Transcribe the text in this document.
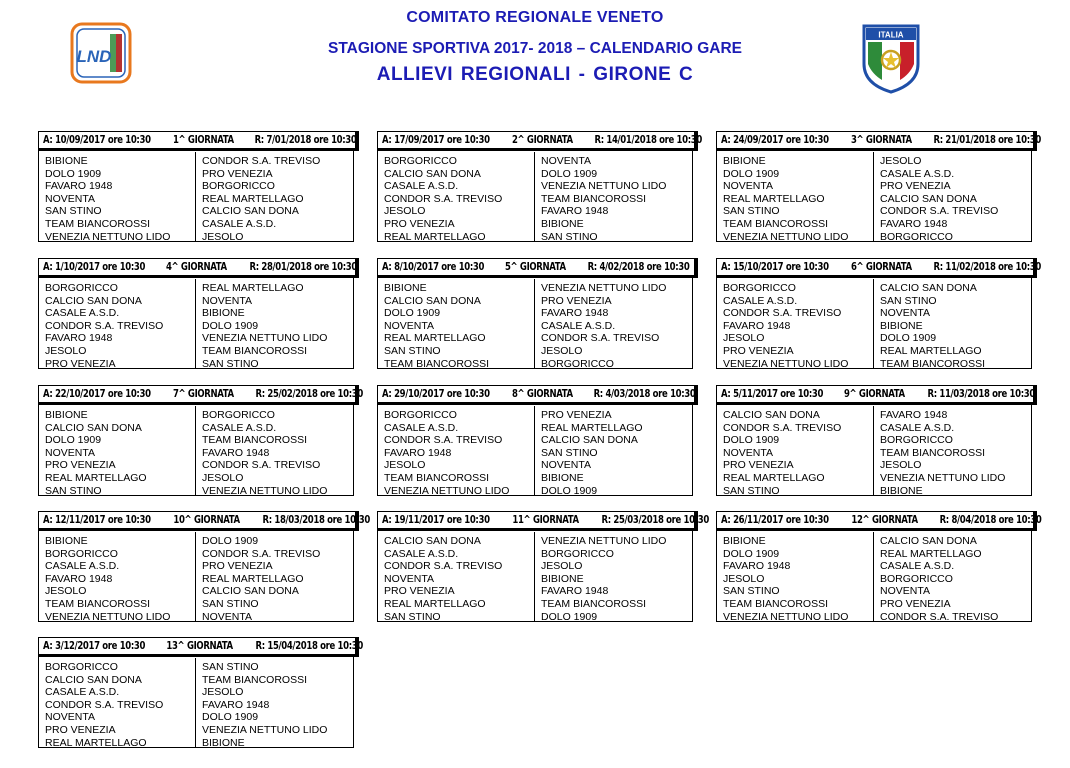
LND

COMITATO REGIONALE VENETO

STAGIONE SPORTIVA 2017- 2018 – CALENDARIO GARE

ALLIEVI REGIONALI - GIRONE C

ITALIA
A: 10/09/2017 ore 10:30 1^ GIORNATA R: 7/01/2018 ore 10:30
BIBIONE
DOLO 1909
FAVARO 1948
NOVENTA
SAN STINO
TEAM BIANCOROSSI
VENEZIA NETTUNO LIDO
CONDOR S.A. TREVISO
PRO VENEZIA
BORGORICCO
REAL MARTELLAGO
CALCIO SAN DONA
CASALE A.S.D.
JESOLO
A: 17/09/2017 ore 10:30 2^ GIORNATA R: 14/01/2018 ore 10:30
BORGORICCO
CALCIO SAN DONA
CASALE A.S.D.
CONDOR S.A. TREVISO
JESOLO
PRO VENEZIA
REAL MARTELLAGO
NOVENTA
DOLO 1909
VENEZIA NETTUNO LIDO
TEAM BIANCOROSSI
FAVARO 1948
BIBIONE
SAN STINO
A: 24/09/2017 ore 10:30 3^ GIORNATA R: 21/01/2018 ore 10:30
BIBIONE
DOLO 1909
NOVENTA
REAL MARTELLAGO
SAN STINO
TEAM BIANCOROSSI
VENEZIA NETTUNO LIDO
JESOLO
CASALE A.S.D.
PRO VENEZIA
CALCIO SAN DONA
CONDOR S.A. TREVISO
FAVARO 1948
BORGORICCO
A: 1/10/2017 ore 10:30 4^ GIORNATA R: 28/01/2018 ore 10:30
BORGORICCO
CALCIO SAN DONA
CASALE A.S.D.
CONDOR S.A. TREVISO
FAVARO 1948
JESOLO
PRO VENEZIA
REAL MARTELLAGO
NOVENTA
BIBIONE
DOLO 1909
VENEZIA NETTUNO LIDO
TEAM BIANCOROSSI
SAN STINO
A: 8/10/2017 ore 10:30 5^ GIORNATA R: 4/02/2018 ore 10:30
BIBIONE
CALCIO SAN DONA
DOLO 1909
NOVENTA
REAL MARTELLAGO
SAN STINO
TEAM BIANCOROSSI
VENEZIA NETTUNO LIDO
PRO VENEZIA
FAVARO 1948
CASALE A.S.D.
CONDOR S.A. TREVISO
JESOLO
BORGORICCO
A: 15/10/2017 ore 10:30 6^ GIORNATA R: 11/02/2018 ore 10:30
BORGORICCO
CASALE A.S.D.
CONDOR S.A. TREVISO
FAVARO 1948
JESOLO
PRO VENEZIA
VENEZIA NETTUNO LIDO
CALCIO SAN DONA
SAN STINO
NOVENTA
BIBIONE
DOLO 1909
REAL MARTELLAGO
TEAM BIANCOROSSI
A: 22/10/2017 ore 10:30 7^ GIORNATA R: 25/02/2018 ore 10:30
BIBIONE
CALCIO SAN DONA
DOLO 1909
NOVENTA
PRO VENEZIA
REAL MARTELLAGO
SAN STINO
BORGORICCO
CASALE A.S.D.
TEAM BIANCOROSSI
FAVARO 1948
CONDOR S.A. TREVISO
JESOLO
VENEZIA NETTUNO LIDO
A: 29/10/2017 ore 10:30 8^ GIORNATA R: 4/03/2018 ore 10:30
BORGORICCO
CASALE A.S.D.
CONDOR S.A. TREVISO
FAVARO 1948
JESOLO
TEAM BIANCOROSSI
VENEZIA NETTUNO LIDO
PRO VENEZIA
REAL MARTELLAGO
CALCIO SAN DONA
SAN STINO
NOVENTA
BIBIONE
DOLO 1909
A: 5/11/2017 ore 10:30 9^ GIORNATA R: 11/03/2018 ore 10:30
CALCIO SAN DONA
CONDOR S.A. TREVISO
DOLO 1909
NOVENTA
PRO VENEZIA
REAL MARTELLAGO
SAN STINO
FAVARO 1948
CASALE A.S.D.
BORGORICCO
TEAM BIANCOROSSI
JESOLO
VENEZIA NETTUNO LIDO
BIBIONE
A: 12/11/2017 ore 10:30 10^ GIORNATA R: 18/03/2018 ore 10:30
BIBIONE
BORGORICCO
CASALE A.S.D.
FAVARO 1948
JESOLO
TEAM BIANCOROSSI
VENEZIA NETTUNO LIDO
DOLO 1909
CONDOR S.A. TREVISO
PRO VENEZIA
REAL MARTELLAGO
CALCIO SAN DONA
SAN STINO
NOVENTA
A: 19/11/2017 ore 10:30 11^ GIORNATA R: 25/03/2018 ore 10:30
CALCIO SAN DONA
CASALE A.S.D.
CONDOR S.A. TREVISO
NOVENTA
PRO VENEZIA
REAL MARTELLAGO
SAN STINO
VENEZIA NETTUNO LIDO
BORGORICCO
JESOLO
BIBIONE
FAVARO 1948
TEAM BIANCOROSSI
DOLO 1909
A: 26/11/2017 ore 10:30 12^ GIORNATA R: 8/04/2018 ore 10:30
BIBIONE
DOLO 1909
FAVARO 1948
JESOLO
SAN STINO
TEAM BIANCOROSSI
VENEZIA NETTUNO LIDO
CALCIO SAN DONA
REAL MARTELLAGO
CASALE A.S.D.
BORGORICCO
NOVENTA
PRO VENEZIA
CONDOR S.A. TREVISO
A: 3/12/2017 ore 10:30 13^ GIORNATA R: 15/04/2018 ore 10:30
BORGORICCO
CALCIO SAN DONA
CASALE A.S.D.
CONDOR S.A. TREVISO
NOVENTA
PRO VENEZIA
REAL MARTELLAGO
SAN STINO
TEAM BIANCOROSSI
JESOLO
FAVARO 1948
DOLO 1909
VENEZIA NETTUNO LIDO
BIBIONE
